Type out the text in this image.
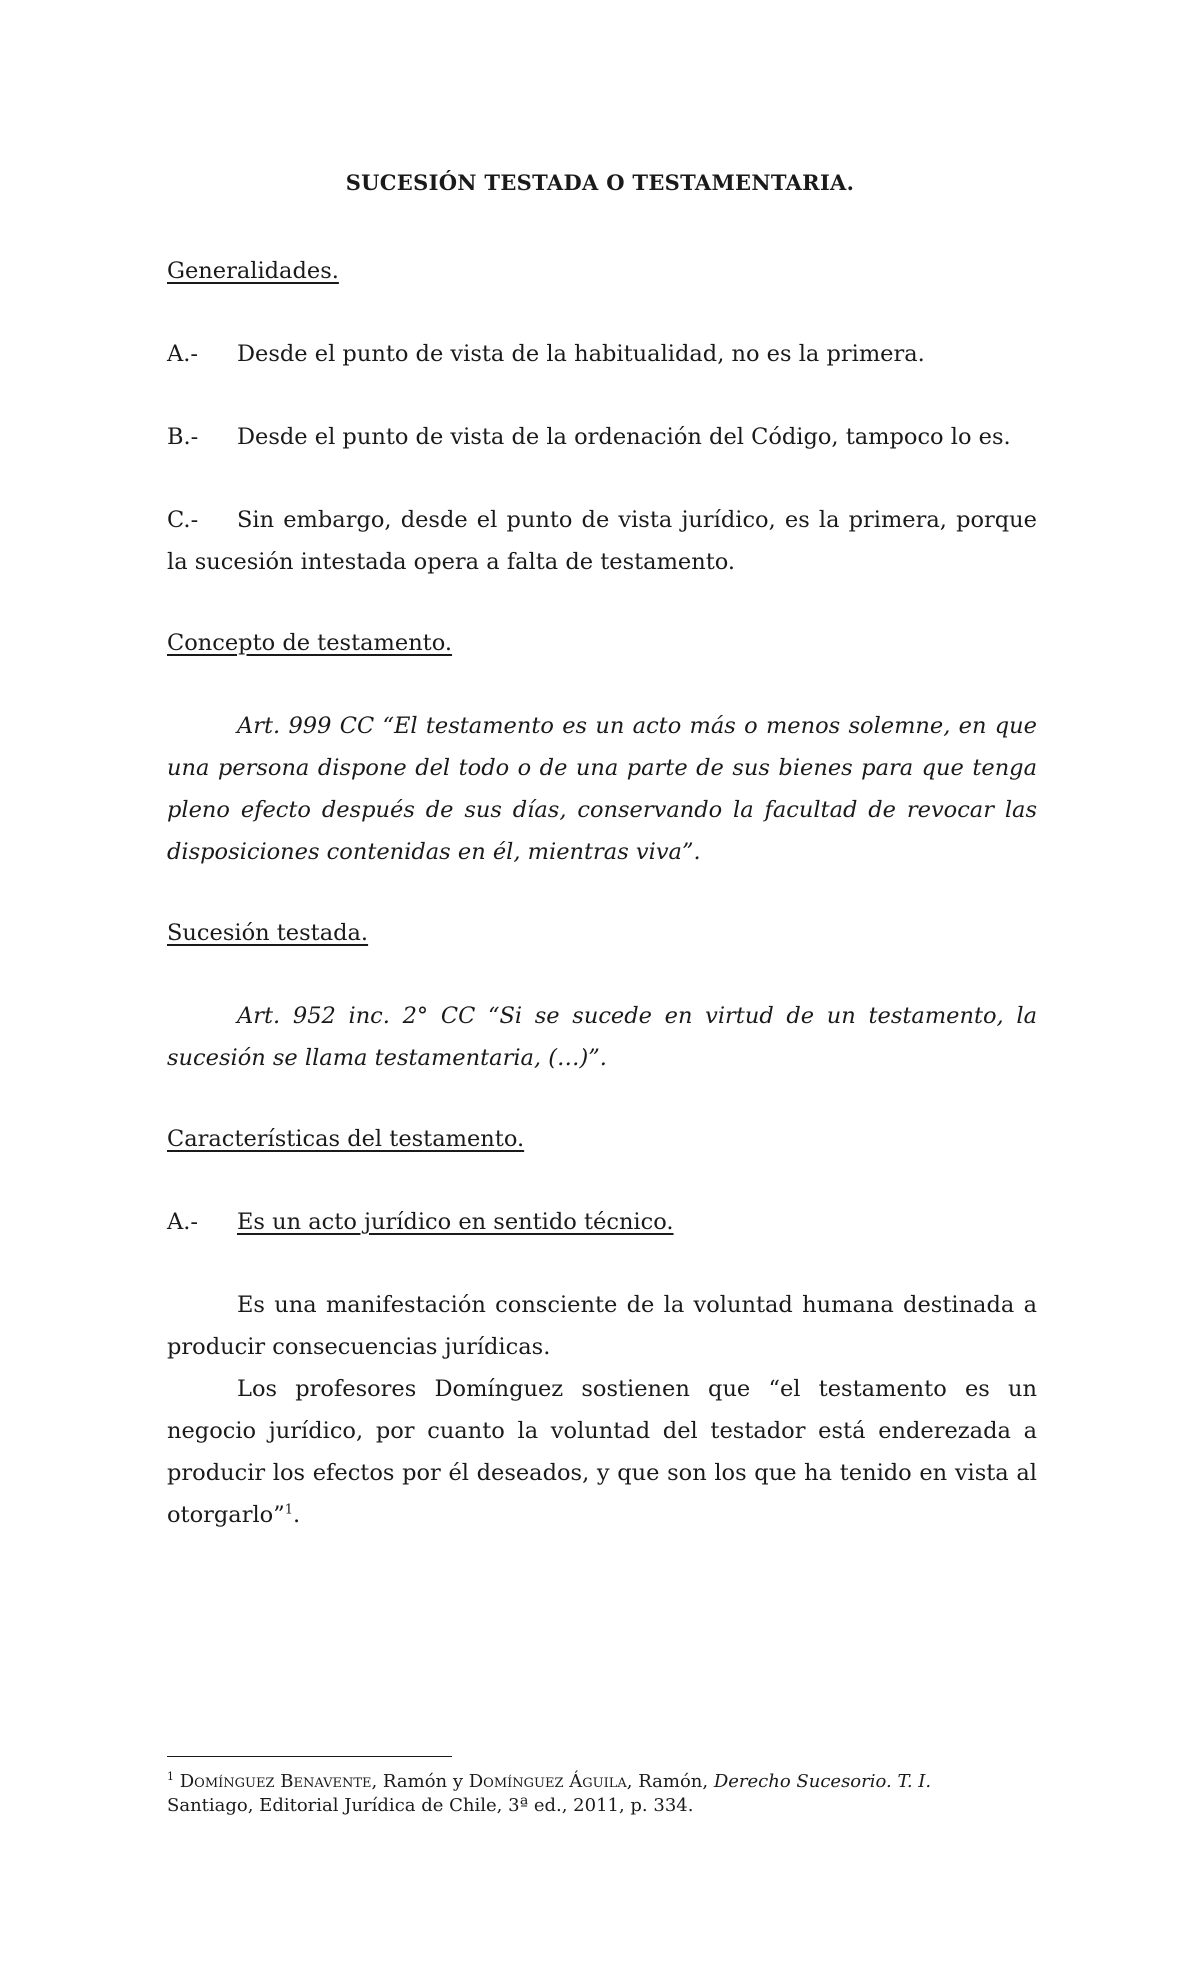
SUCESIÓN TESTADA O TESTAMENTARIA.
Generalidades.
A.- Desde el punto de vista de la habitualidad, no es la primera.
B.- Desde el punto de vista de la ordenación del Código, tampoco lo es.
C.- Sin embargo, desde el punto de vista jurídico, es la primera, porque
la sucesión intestada opera a falta de testamento.
Concepto de testamento.
Art. 999 CC “El testamento es un acto más o menos solemne, en que una persona dispone del todo o de una parte de sus bienes para que tenga pleno efecto después de sus días, conservando la facultad de revocar las disposiciones contenidas en él, mientras viva”.
Sucesión testada.
Art. 952 inc. 2° CC “Si se sucede en virtud de un testamento, la sucesión se llama testamentaria, (…)”.
Características del testamento.
A.- Es un acto jurídico en sentido técnico.
Es una manifestación consciente de la voluntad humana destinada a producir consecuencias jurídicas.
Los profesores Domínguez sostienen que “el testamento es un negocio jurídico, por cuanto la voluntad del testador está enderezada a producir los efectos por él deseados, y que son los que ha tenido en vista al otorgarlo”$^1$.
$^1$ Domínguez Benavente, Ramón y Domínguez Águila, Ramón, Derecho Sucesorio. T. I.
Santiago, Editorial Jurídica de Chile, 3ª ed., 2011, p. 334.
